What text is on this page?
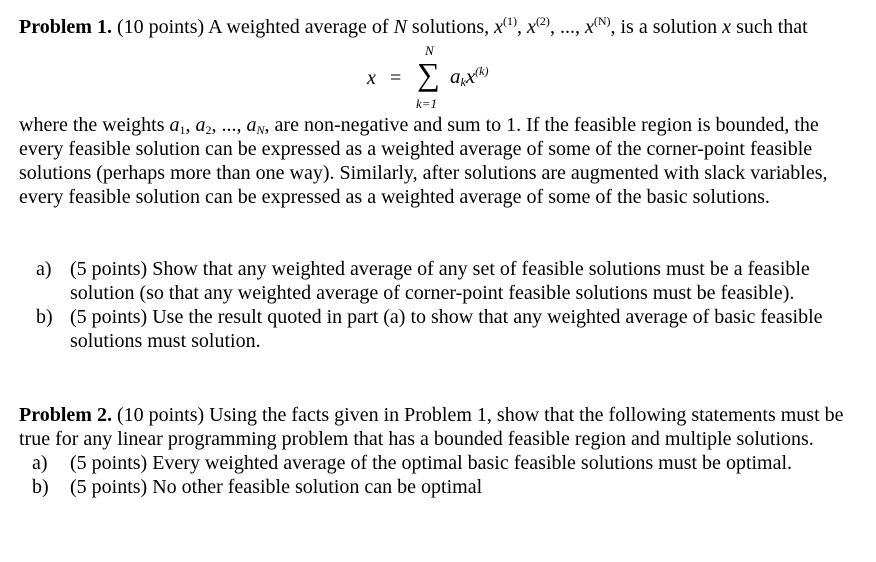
Problem 1. (10 points) A weighted average of N solutions, $x^{(1)}$, $x^{(2)}$, ..., $x^{(N)}$, is a solution x such that

x =
N
∑
k=1
$a_kx^{(k)}$

where the weights $a_1$, $a_2$, ..., $a_N$, are non-negative and sum to 1. If the feasible region is bounded, the every feasible solution can be expressed as a weighted average of some of the corner-point feasible solutions (perhaps more than one way). Similarly, after solutions are augmented with slack variables, every feasible solution can be expressed as a weighted average of some of the basic solutions.

a) (5 points) Show that any weighted average of any set of feasible solutions must be a feasible solution (so that any weighted average of corner-point feasible solutions must be feasible).
b) (5 points) Use the result quoted in part (a) to show that any weighted average of basic feasible solutions must solution.

Problem 2. (10 points) Using the facts given in Problem 1, show that the following statements must be true for any linear programming problem that has a bounded feasible region and multiple solutions.

a) (5 points) Every weighted average of the optimal basic feasible solutions must be optimal.
b) (5 points) No other feasible solution can be optimal
